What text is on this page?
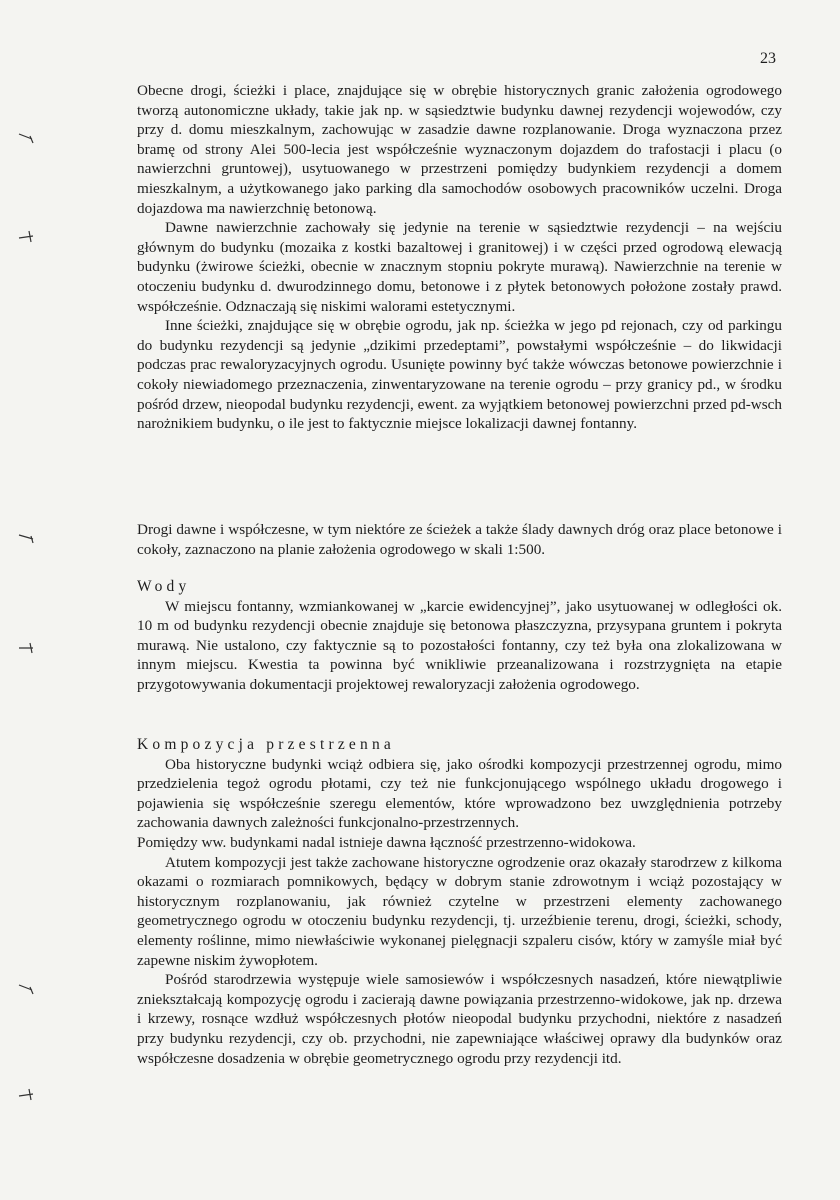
23

Obecne drogi, ścieżki i place, znajdujące się w obrębie historycznych granic założenia ogrodowego tworzą autonomiczne układy, takie jak np. w sąsiedztwie budynku dawnej rezydencji wojewodów, czy przy d. domu mieszkalnym, zachowując w zasadzie dawne rozplanowanie. Droga wyznaczona przez bramę od strony Alei 500-lecia jest współcześnie wyznaczonym dojazdem do trafostacji i placu (o nawierzchni gruntowej), usytuowanego w przestrzeni pomiędzy budynkiem rezydencji a domem mieszkalnym, a użytkowanego jako parking dla samochodów osobowych pracowników uczelni. Droga dojazdowa ma nawierzchnię betonową.

Dawne nawierzchnie zachowały się jedynie na terenie w sąsiedztwie rezydencji – na wejściu głównym do budynku (mozaika z kostki bazaltowej i granitowej) i w części przed ogrodową elewacją budynku (żwirowe ścieżki, obecnie w znacznym stopniu pokryte murawą). Nawierzchnie na terenie w otoczeniu budynku d. dwurodzinnego domu, betonowe i z płytek betonowych położone zostały prawd. współcześnie. Odznaczają się niskimi walorami estetycznymi.

Inne ścieżki, znajdujące się w obrębie ogrodu, jak np. ścieżka w jego pd rejonach, czy od parkingu do budynku rezydencji są jedynie „dzikimi przedeptami”, powstałymi współcześnie – do likwidacji podczas prac rewaloryzacyjnych ogrodu. Usunięte powinny być także wówczas betonowe powierzchnie i cokoły niewiadomego przeznaczenia, zinwentaryzowane na terenie ogrodu – przy granicy pd., w środku pośród drzew, nieopodal budynku rezydencji, ewent. za wyjątkiem betonowej powierzchni przed pd-wsch narożnikiem budynku, o ile jest to faktycznie miejsce lokalizacji dawnej fontanny.

Drogi dawne i współczesne, w tym niektóre ze ścieżek a także ślady dawnych dróg oraz place betonowe i cokoły, zaznaczono na planie założenia ogrodowego w skali 1:500.

Wody

W miejscu fontanny, wzmiankowanej w „karcie ewidencyjnej”, jako usytuowanej w odległości ok. 10 m od budynku rezydencji obecnie znajduje się betonowa płaszczyzna, przysypana gruntem i pokryta murawą. Nie ustalono, czy faktycznie są to pozostałości fontanny, czy też była ona zlokalizowana w innym miejscu. Kwestia ta powinna być wnikliwie przeanalizowana i rozstrzygnięta na etapie przygotowywania dokumentacji projektowej rewaloryzacji założenia ogrodowego.

Kompozycja przestrzenna

Oba historyczne budynki wciąż odbiera się, jako ośrodki kompozycji przestrzennej ogrodu, mimo przedzielenia tegoż ogrodu płotami, czy też nie funkcjonującego wspólnego układu drogowego i pojawienia się współcześnie szeregu elementów, które wprowadzono bez uwzględnienia potrzeby zachowania dawnych zależności funkcjonalno-przestrzennych.

Pomiędzy ww. budynkami nadal istnieje dawna łączność przestrzenno-widokowa.

Atutem kompozycji jest także zachowane historyczne ogrodzenie oraz okazały starodrzew z kilkoma okazami o rozmiarach pomnikowych, będący w dobrym stanie zdrowotnym i wciąż pozostający w historycznym rozplanowaniu, jak również czytelne w przestrzeni elementy zachowanego geometrycznego ogrodu w otoczeniu budynku rezydencji, tj. urzeźbienie terenu, drogi, ścieżki, schody, elementy roślinne, mimo niewłaściwie wykonanej pielęgnacji szpaleru cisów, który w zamyśle miał być zapewne niskim żywopłotem.

Pośród starodrzewia występuje wiele samosiewów i współczesnych nasadzeń, które niewątpliwie zniekształcają kompozycję ogrodu i zacierają dawne powiązania przestrzenno-widokowe, jak np. drzewa i krzewy, rosnące wzdłuż współczesnych płotów nieopodal budynku przychodni, niektóre z nasadzeń przy budynku rezydencji, czy ob. przychodni, nie zapewniające właściwej oprawy dla budynków oraz współczesne dosadzenia w obrębie geometrycznego ogrodu przy rezydencji itd.
